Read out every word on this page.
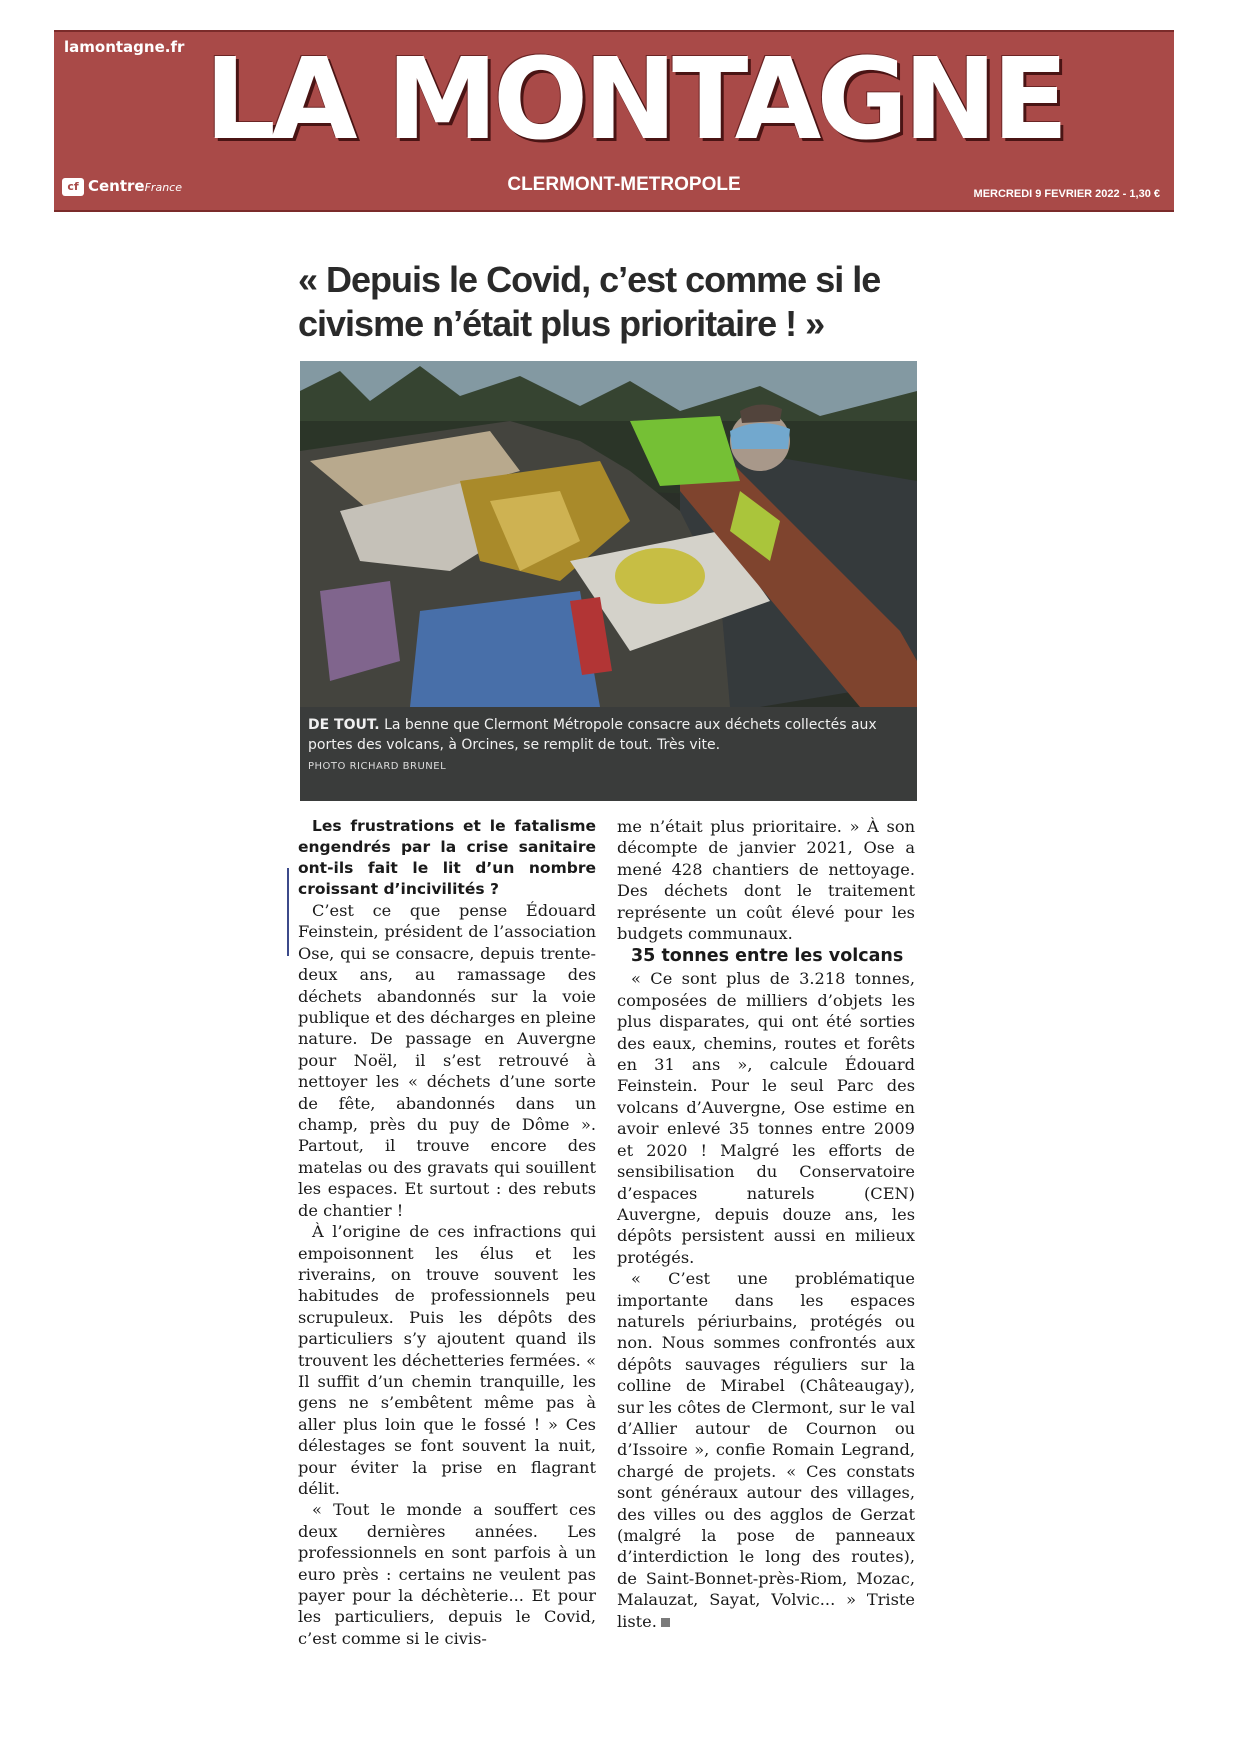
lamontagne.fr LA MONTAGNE
cf CentreFrance	CLERMONT-METROPOLE	MERCREDI 9 FEVRIER 2022 - 1,30 €
« Depuis le Covid, c’est comme si le civisme n’était plus prioritaire ! »
DE TOUT. La benne que Clermont Métropole consacre aux déchets collectés aux portes des volcans, à Orcines, se remplit de tout. Très vite.
PHOTO RICHARD BRUNEL

Les frustrations et le fatalisme engendrés par la crise sanitaire ont-ils fait le lit d’un nombre croissant d’incivilités ?

C’est ce que pense Édouard Feinstein, président de l’association Ose, qui se consacre, depuis trente-deux ans, au ramassage des déchets abandonnés sur la voie publique et des décharges en pleine nature. De passage en Auvergne pour Noël, il s’est retrouvé à nettoyer les « déchets d’une sorte de fête, abandonnés dans un champ, près du puy de Dôme ». Partout, il trouve encore des matelas ou des gravats qui souillent les espaces. Et surtout : des rebuts de chantier !

À l’origine de ces infractions qui empoisonnent les élus et les riverains, on trouve souvent les habitudes de professionnels peu scrupuleux. Puis les dépôts des particuliers s’y ajoutent quand ils trouvent les déchetteries fermées. « Il suffit d’un chemin tranquille, les gens ne s’embêtent même pas à aller plus loin que le fossé ! » Ces délestages se font souvent la nuit, pour éviter la prise en flagrant délit.

« Tout le monde a souffert ces deux dernières années. Les professionnels en sont parfois à un euro près : certains ne veulent pas payer pour la déchèterie... Et pour les particuliers, depuis le Covid, c’est comme si le civis-

me n’était plus prioritaire. » À son décompte de janvier 2021, Ose a mené 428 chantiers de nettoyage. Des déchets dont le traitement représente un coût élevé pour les budgets communaux.

35 tonnes entre les volcans

« Ce sont plus de 3.218 tonnes, composées de milliers d’objets les plus disparates, qui ont été sorties des eaux, chemins, routes et forêts en 31 ans », calcule Édouard Feinstein. Pour le seul Parc des volcans d’Auvergne, Ose estime en avoir enlevé 35 tonnes entre 2009 et 2020 ! Malgré les efforts de sensibilisation du Conservatoire d’espaces naturels (CEN) Auvergne, depuis douze ans, les dépôts persistent aussi en milieux protégés.

« C’est une problématique importante dans les espaces naturels périurbains, protégés ou non. Nous sommes confrontés aux dépôts sauvages réguliers sur la colline de Mirabel (Châteaugay), sur les côtes de Clermont, sur le val d’Allier autour de Cournon ou d’Issoire », confie Romain Legrand, chargé de projets. « Ces constats sont généraux autour des villages, des villes ou des agglos de Gerzat (malgré la pose de panneaux d’interdiction le long des routes), de Saint-Bonnet-près-Riom, Mozac, Malauzat, Sayat, Volvic... » Triste liste.
